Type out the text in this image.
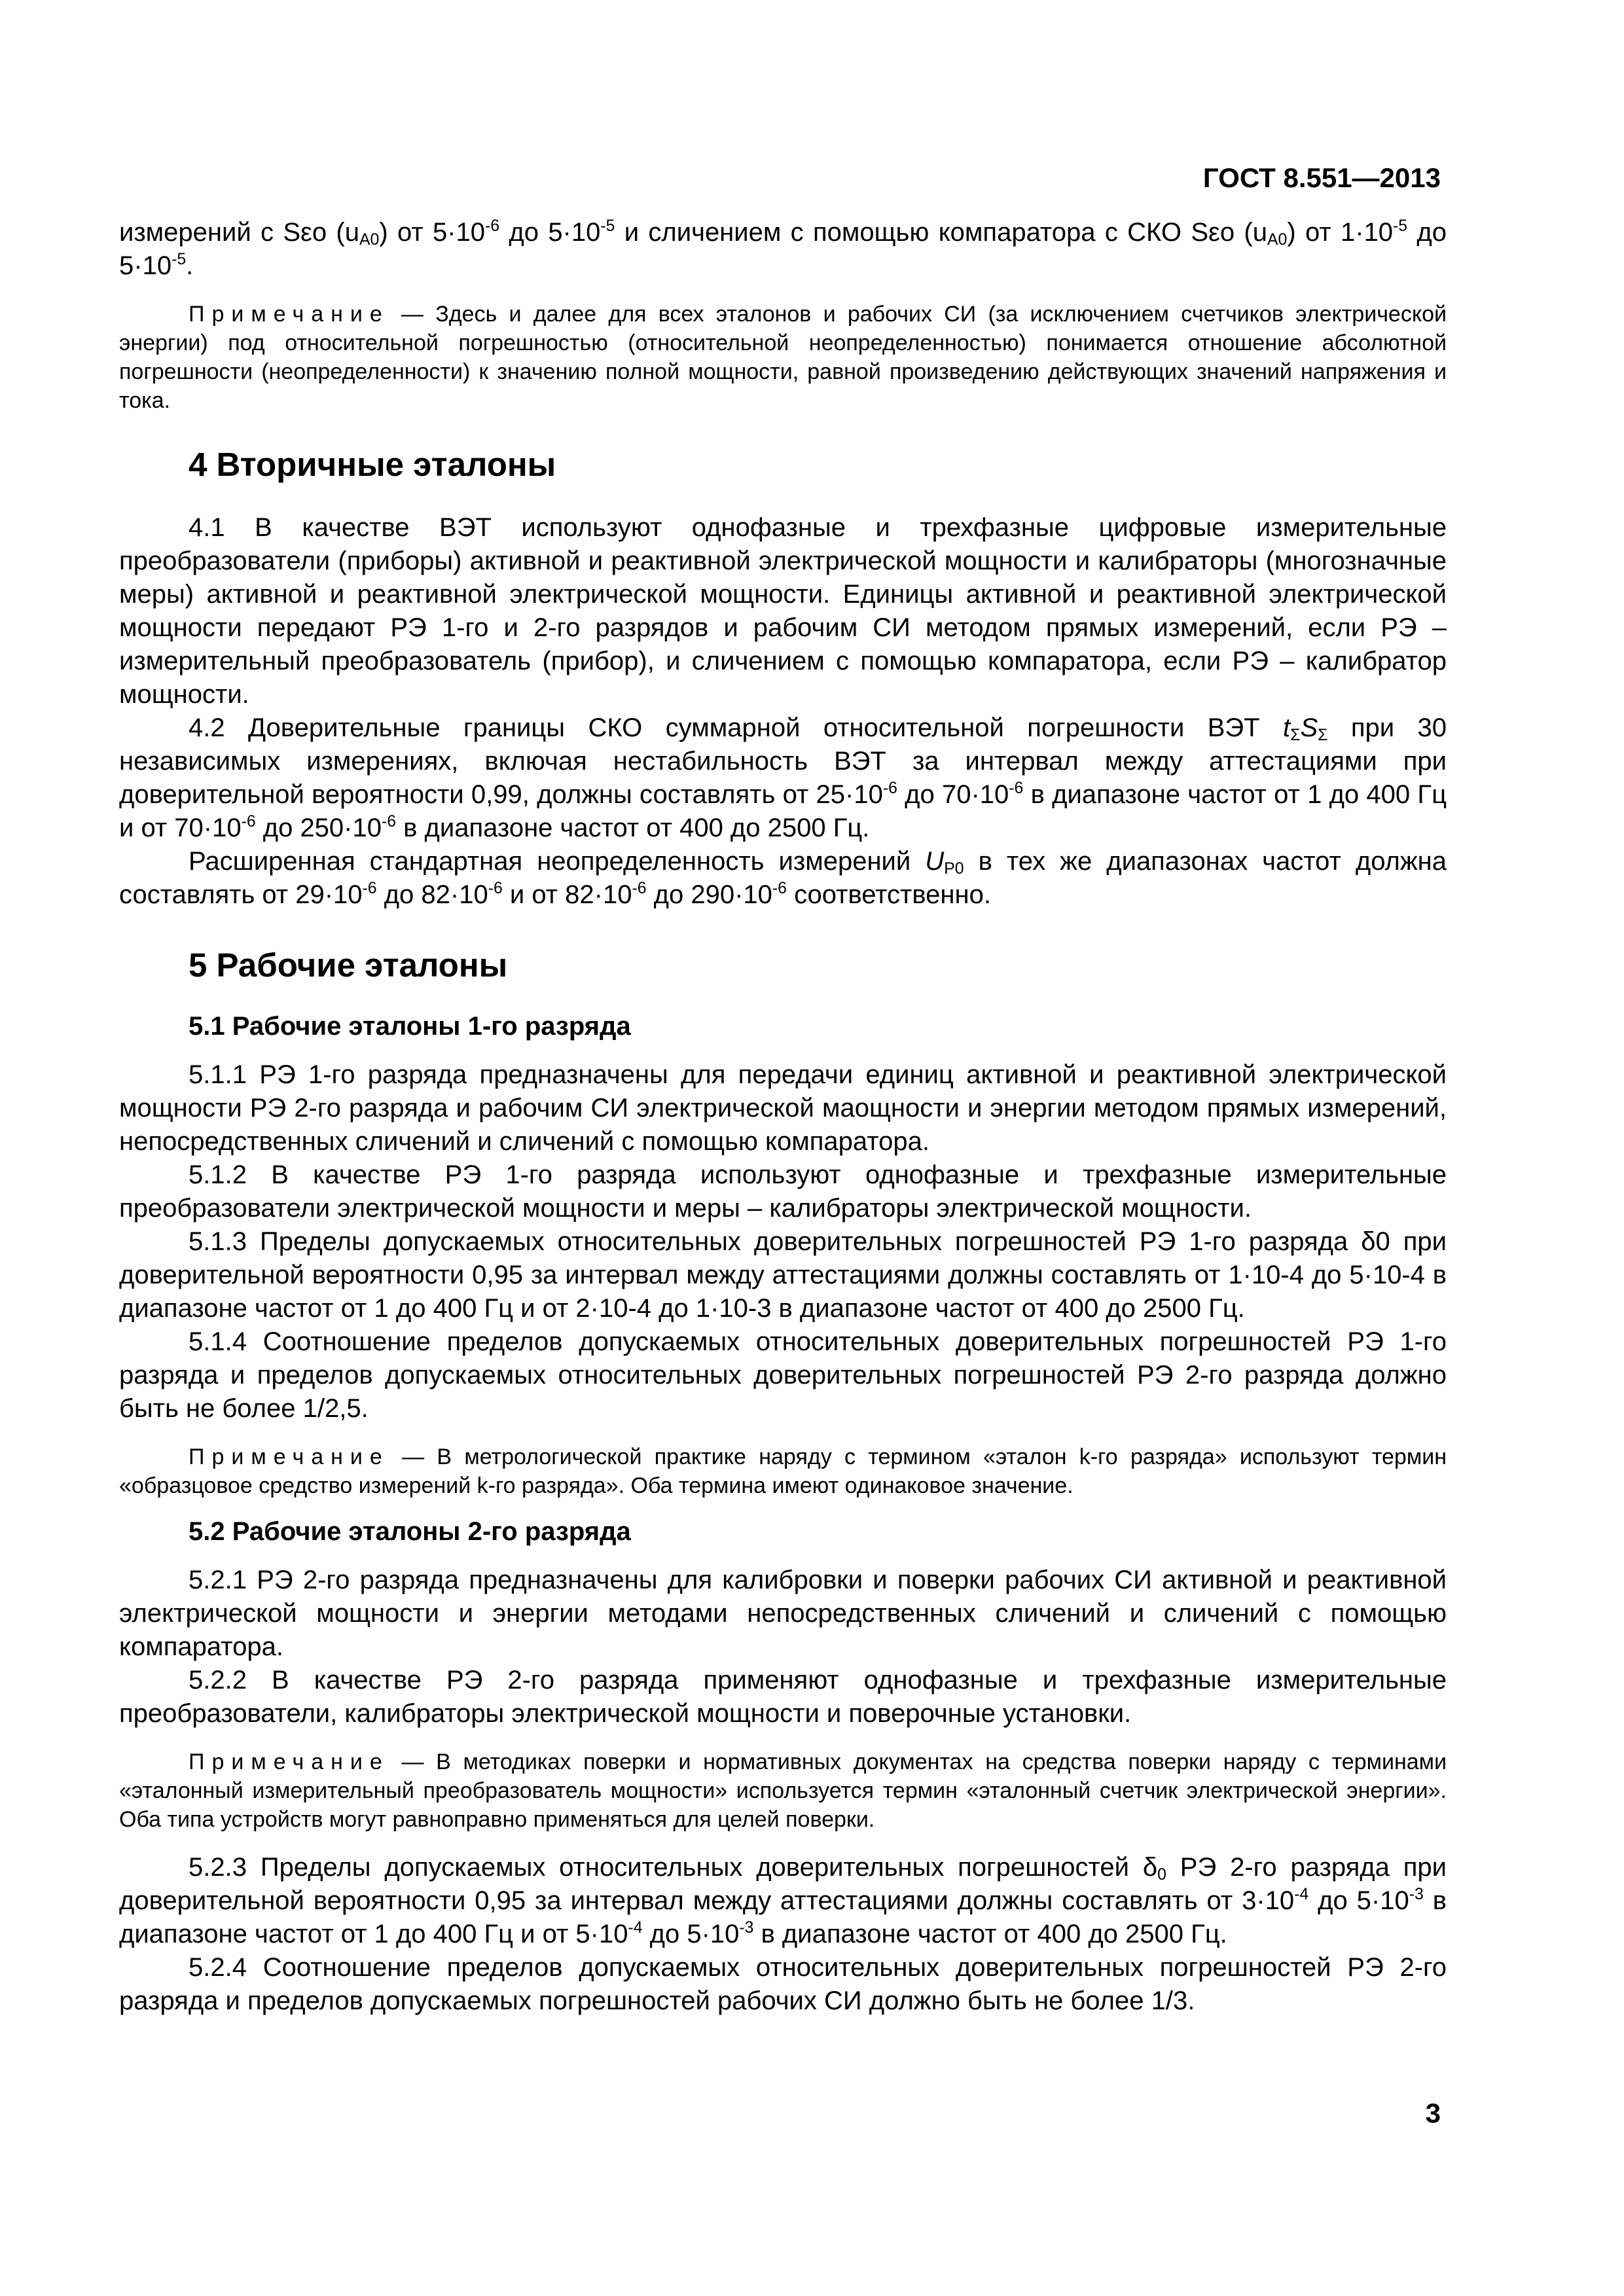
ГОСТ 8.551—2013

измерений с Sεо $(u_{А0})$ от $5\cdot 10^{-6}$ до $5\cdot 10^{-5}$ и сличением с помощью компаратора с СКО Sεо $(u_{А0})$ от $1\cdot 10^{-5}$ до $5\cdot 10^{-5}$.

Примечание — Здесь и далее для всех эталонов и рабочих СИ (за исключением счетчиков электрической энергии) под относительной погрешностью (относительной неопределенностью) понимается отношение абсолютной погрешности (неопределенности) к значению полной мощности, равной произведению действующих значений напряжения и тока.

4 Вторичные эталоны

4.1 В качестве ВЭТ используют однофазные и трехфазные цифровые измерительные преобразователи (приборы) активной и реактивной электрической мощности и калибраторы (многозначные меры) активной и реактивной электрической мощности. Единицы активной и реактивной электрической мощности передают РЭ 1-го и 2-го разрядов и рабочим СИ методом прямых измерений, если РЭ – измерительный преобразователь (прибор), и сличением с помощью компаратора, если РЭ – калибратор мощности.

4.2 Доверительные границы СКО суммарной относительной погрешности ВЭТ $t_\Sigma S_\Sigma$ при 30 независимых измерениях, включая нестабильность ВЭТ за интервал между аттестациями при доверительной вероятности 0,99, должны составлять от $25\cdot 10^{-6}$ до $70\cdot 10^{-6}$ в диапазоне частот от 1 до 400 Гц и от $70\cdot 10^{-6}$ до $250\cdot 10^{-6}$ в диапазоне частот от 400 до 2500 Гц.

Расширенная стандартная неопределенность измерений $U_{P0}$ в тех же диапазонах частот должна составлять от $29\cdot 10^{-6}$ до $82\cdot 10^{-6}$ и от $82\cdot 10^{-6}$ до $290\cdot 10^{-6}$ соответственно.

5 Рабочие эталоны
5.1 Рабочие эталоны 1-го разряда

5.1.1 РЭ 1-го разряда предназначены для передачи единиц активной и реактивной электрической мощности РЭ 2-го разряда и рабочим СИ электрической маощности и энергии методом прямых измерений, непосредственных сличений и сличений с помощью компаратора.

5.1.2 В качестве РЭ 1-го разряда используют однофазные и трехфазные измерительные преобразователи электрической мощности и меры – калибраторы электрической мощности.

5.1.3 Пределы допускаемых относительных доверительных погрешностей РЭ 1-го разряда δ0 при доверительной вероятности 0,95 за интервал между аттестациями должны составлять от 1·10-4 до 5·10-4 в диапазоне частот от 1 до 400 Гц и от 2·10-4 до 1·10-3 в диапазоне частот от 400 до 2500 Гц.

5.1.4 Соотношение пределов допускаемых относительных доверительных погрешностей РЭ 1-го разряда и пределов допускаемых относительных доверительных погрешностей РЭ 2-го разряда должно быть не более 1/2,5.

Примечание — В метрологической практике наряду с термином «эталон k-го разряда» используют термин «образцовое средство измерений k-го разряда». Оба термина имеют одинаковое значение.

5.2 Рабочие эталоны 2-го разряда

5.2.1 РЭ 2-го разряда предназначены для калибровки и поверки рабочих СИ активной и реактивной электрической мощности и энергии методами непосредственных сличений и сличений с помощью компаратора.

5.2.2 В качестве РЭ 2-го разряда применяют однофазные и трехфазные измерительные преобразователи, калибраторы электрической мощности и поверочные установки.

Примечание — В методиках поверки и нормативных документах на средства поверки наряду с терминами «эталонный измерительный преобразователь мощности» используется термин «эталонный счетчик электрической энергии». Оба типа устройств могут равноправно применяться для целей поверки.

5.2.3 Пределы допускаемых относительных доверительных погрешностей $\delta_0$ РЭ 2-го разряда при доверительной вероятности 0,95 за интервал между аттестациями должны составлять от $3\cdot 10^{-4}$ до $5\cdot 10^{-3}$ в диапазоне частот от 1 до 400 Гц и от $5\cdot 10^{-4}$ до $5\cdot 10^{-3}$ в диапазоне частот от 400 до 2500 Гц.

5.2.4 Соотношение пределов допускаемых относительных доверительных погрешностей РЭ 2-го разряда и пределов допускаемых погрешностей рабочих СИ должно быть не более 1/3.

3
